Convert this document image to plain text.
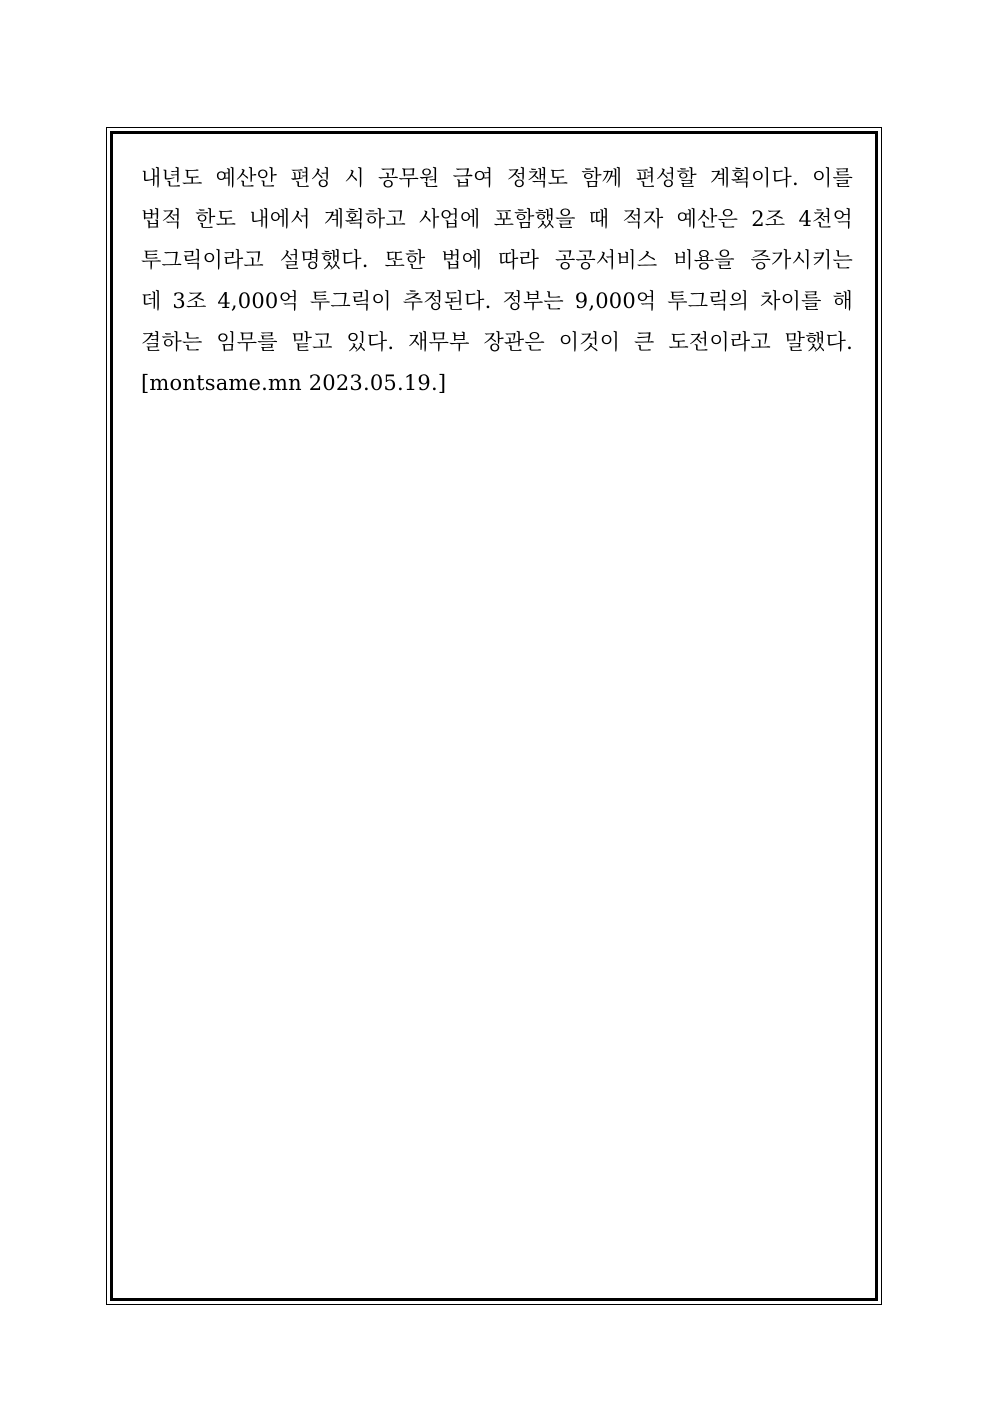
내년도 예산안 편성 시 공무원 급여 정책도 함께 편성할 계획이다. 이를
법적 한도 내에서 계획하고 사업에 포함했을 때 적자 예산은 2조 4천억
투그릭이라고 설명했다. 또한 법에 따라 공공서비스 비용을 증가시키는
데 3조 4,000억 투그릭이 추정된다. 정부는 9,000억 투그릭의 차이를 해
결하는 임무를 맡고 있다. 재무부 장관은 이것이 큰 도전이라고 말했다.
[montsame.mn 2023.05.19.]
